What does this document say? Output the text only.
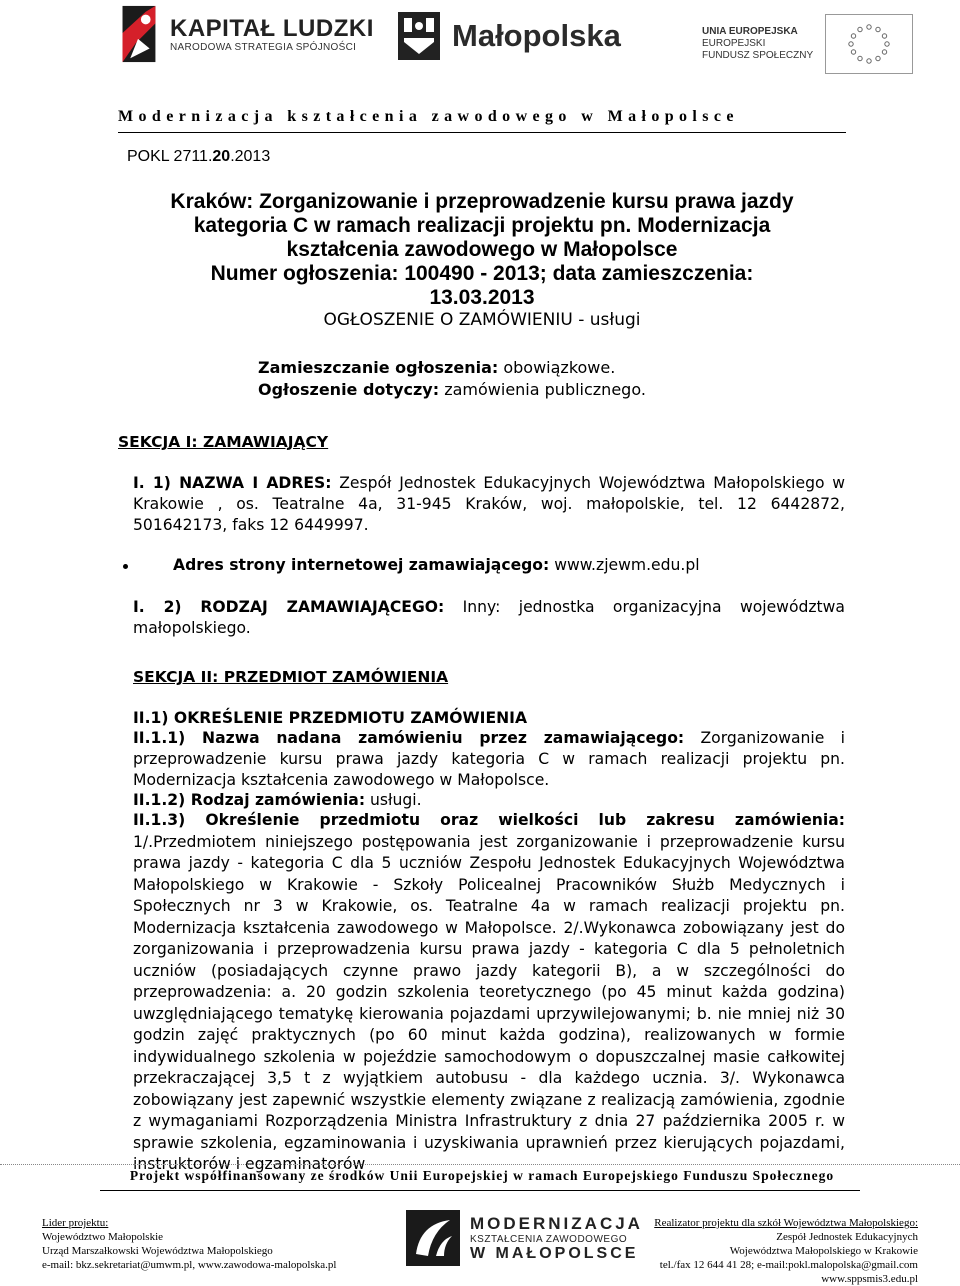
KAPITAŁ LUDZKI
NARODOWA STRATEGIA SPÓJNOŚCI	Małopolska	UNIA EUROPEJSKA
EUROPEJSKI
FUNDUSZ SPOŁECZNY
Modernizacja kształcenia zawodowego w Małopolsce
POKL 2711.20.2013
Kraków: Zorganizowanie i przeprowadzenie kursu prawa jazdy
kategoria C w ramach realizacji projektu pn. Modernizacja
kształcenia zawodowego w Małopolsce
Numer ogłoszenia: 100490 - 2013; data zamieszczenia:
13.03.2013
OGŁOSZENIE O ZAMÓWIENIU - usługi
Zamieszczanie ogłoszenia: obowiązkowe.
Ogłoszenie dotyczy: zamówienia publicznego.
SEKCJA I: ZAMAWIAJĄCY
I. 1) NAZWA I ADRES: Zespół Jednostek Edukacyjnych Województwa Małopolskiego w Krakowie , os. Teatralne 4a, 31-945 Kraków, woj. małopolskie, tel. 12 6442872, 501642173, faks 12 6449997.
Adres strony internetowej zamawiającego: www.zjewm.edu.pl
I. 2) RODZAJ ZAMAWIAJĄCEGO: Inny: jednostka organizacyjna województwa małopolskiego.
SEKCJA II: PRZEDMIOT ZAMÓWIENIA
II.1) OKREŚLENIE PRZEDMIOTU ZAMÓWIENIA
II.1.1) Nazwa nadana zamówieniu przez zamawiającego: Zorganizowanie i przeprowadzenie kursu prawa jazdy kategoria C w ramach realizacji projektu pn. Modernizacja kształcenia zawodowego w Małopolsce.
II.1.2) Rodzaj zamówienia: usługi.
II.1.3) Określenie przedmiotu oraz wielkości lub zakresu zamówienia: 1/.Przedmiotem niniejszego postępowania jest zorganizowanie i przeprowadzenie kursu prawa jazdy - kategoria C dla 5 uczniów Zespołu Jednostek Edukacyjnych Województwa Małopolskiego w Krakowie - Szkoły Policealnej Pracowników Służb Medycznych i Społecznych nr 3 w Krakowie, os. Teatralne 4a w ramach realizacji projektu pn. Modernizacja kształcenia zawodowego w Małopolsce. 2/.Wykonawca zobowiązany jest do zorganizowania i przeprowadzenia kursu prawa jazdy - kategoria C dla 5 pełnoletnich uczniów (posiadających czynne prawo jazdy kategorii B), a w szczególności do przeprowadzenia: a. 20 godzin szkolenia teoretycznego (po 45 minut każda godzina) uwzględniającego tematykę kierowania pojazdami uprzywilejowanymi; b. nie mniej niż 30 godzin zajęć praktycznych (po 60 minut każda godzina), realizowanych w formie indywidualnego szkolenia w pojeździe samochodowym o dopuszczalnej masie całkowitej przekraczającej 3,5 t z wyjątkiem autobusu - dla każdego ucznia. 3/. Wykonawca zobowiązany jest zapewnić wszystkie elementy związane z realizacją zamówienia, zgodnie z wymaganiami Rozporządzenia Ministra Infrastruktury z dnia 27 października 2005 r. w sprawie szkolenia, egzaminowania i uzyskiwania uprawnień przez kierujących pojazdami, instruktorów i egzaminatorów
Projekt współfinansowany ze środków Unii Europejskiej w ramach Europejskiego Funduszu Społecznego
Lider projektu:
Województwo Małopolskie
Urząd Marszałkowski Województwa Małopolskiego
e-mail: bkz.sekretariat@umwm.pl, www.zawodowa-malopolska.pl
MODERNIZACJA
KSZTAŁCENIA ZAWODOWEGO
W MAŁOPOLSCE
Realizator projektu dla szkół Województwa Małopolskiego:
Zespół Jednostek Edukacyjnych
Województwa Małopolskiego w Krakowie
tel./fax 12 644 41 28; e-mail:pokl.malopolska@gmail.com
www.sppsmis3.edu.pl
